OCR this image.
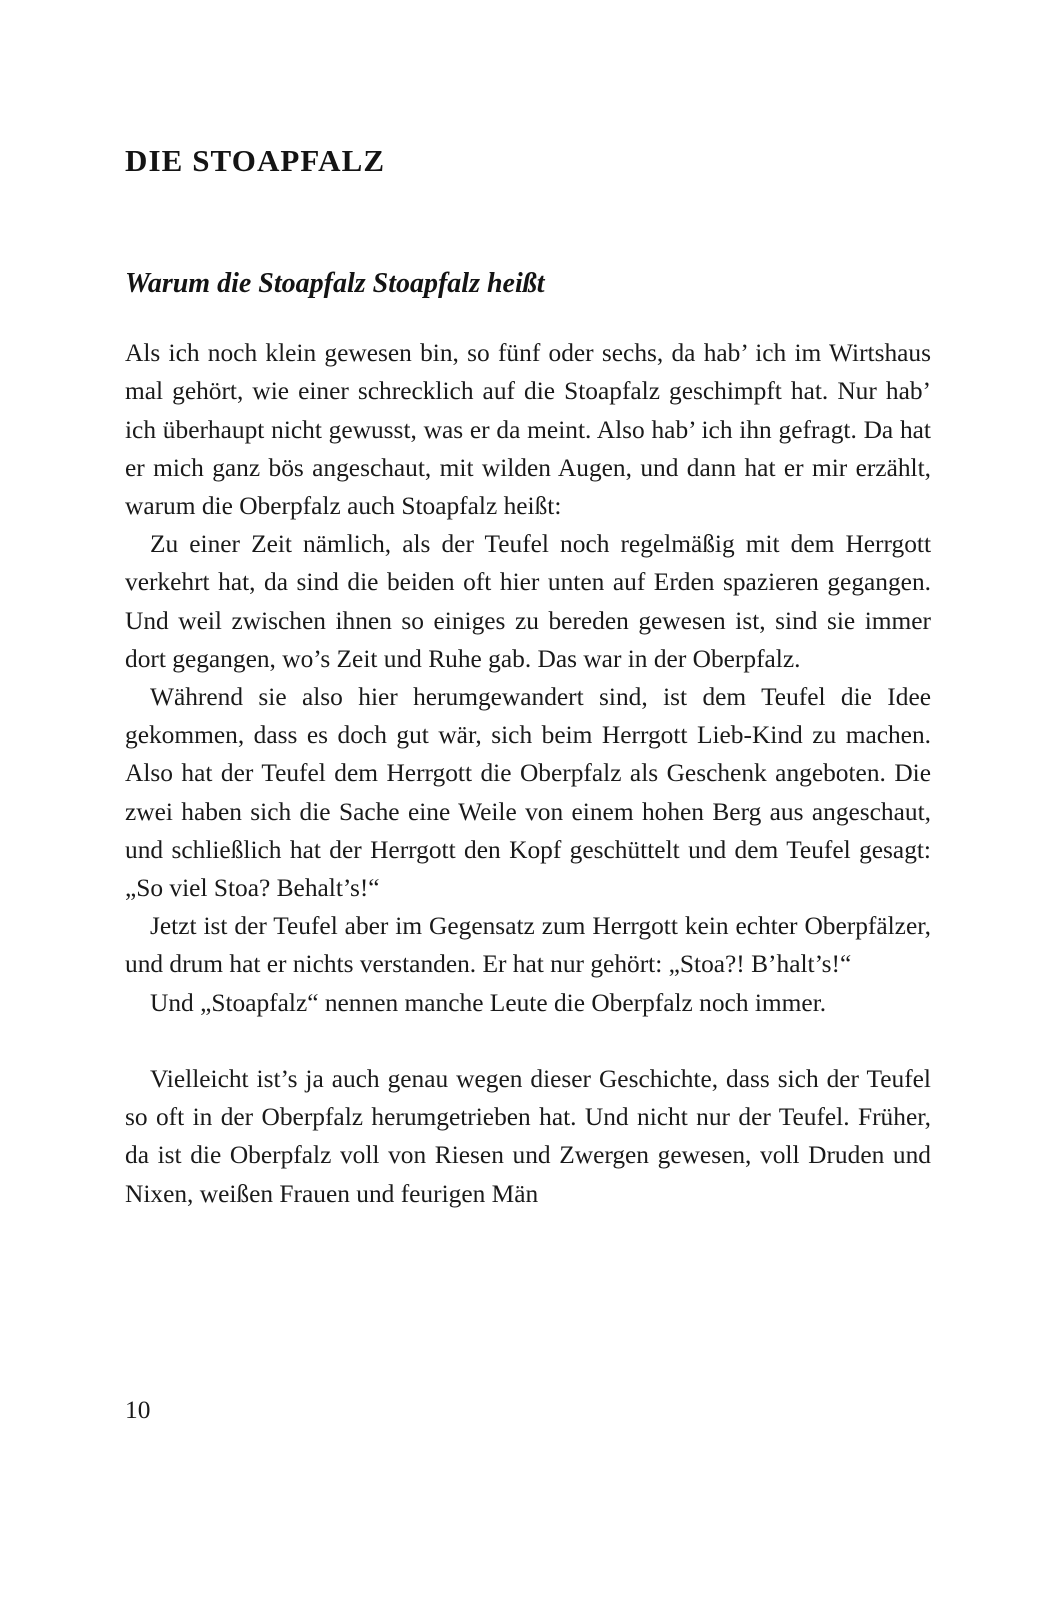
DIE STOAPFALZ
Warum die Stoapfalz Stoapfalz heißt

Als ich noch klein gewesen bin, so fünf oder sechs, da hab’ ich im Wirtshaus mal gehört, wie einer schrecklich auf die Stoapfalz geschimpft hat. Nur hab’ ich überhaupt nicht gewusst, was er da meint. Also hab’ ich ihn gefragt. Da hat er mich ganz bös angeschaut, mit wilden Augen, und dann hat er mir erzählt, warum die Oberpfalz auch Stoapfalz heißt:

Zu einer Zeit nämlich, als der Teufel noch regelmäßig mit dem Herrgott verkehrt hat, da sind die beiden oft hier unten auf Erden spazieren gegangen. Und weil zwischen ihnen so einiges zu bereden gewesen ist, sind sie immer dort gegangen, wo’s Zeit und Ruhe gab. Das war in der Oberpfalz.

Während sie also hier herumgewandert sind, ist dem Teufel die Idee gekommen, dass es doch gut wär, sich beim Herrgott Lieb-Kind zu machen. Also hat der Teufel dem Herrgott die Oberpfalz als Geschenk angeboten. Die zwei haben sich die Sache eine Weile von einem hohen Berg aus angeschaut, und schließlich hat der Herrgott den Kopf geschüttelt und dem Teufel gesagt: „So viel Stoa? Behalt’s!“

Jetzt ist der Teufel aber im Gegensatz zum Herrgott kein echter Oberpfälzer, und drum hat er nichts verstanden. Er hat nur gehört: „Stoa?! B’halt’s!“

Und „Stoapfalz“ nennen manche Leute die Oberpfalz noch immer.

Vielleicht ist’s ja auch genau wegen dieser Geschichte, dass sich der Teufel so oft in der Oberpfalz herumgetrieben hat. Und nicht nur der Teufel. Früher, da ist die Oberpfalz voll von Riesen und Zwergen gewesen, voll Druden und Nixen, weißen Frauen und feurigen Män

10
